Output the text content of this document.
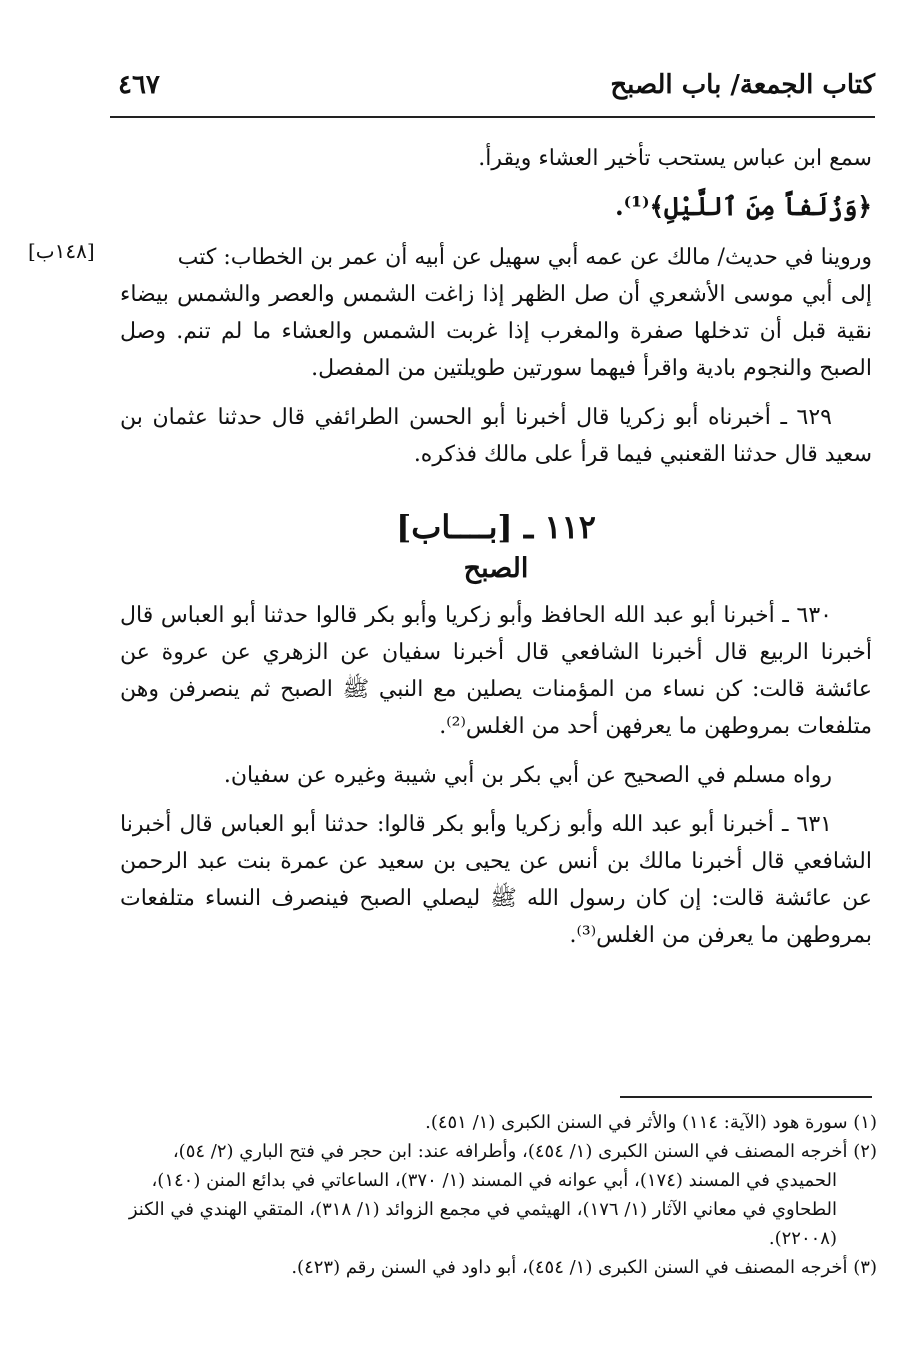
كتاب الجمعة/ باب الصبح
٤٦٧

سمع ابن عباس يستحب تأخير العشاء ويقرأ.

﴿وَزُلَفاً مِنَ ٱللَّيْلِ﴾⁽¹⁾.

وروينا في حديث/ مالك عن عمه أبي سهيل عن أبيه أن عمر بن الخطاب: كتب

[١٤٨ب]

إلى أبي موسى الأشعري أن صل الظهر إذا زاغت الشمس والعصر والشمس بيضاء نقية قبل أن تدخلها صفرة والمغرب إذا غربت الشمس والعشاء ما لم تنم. وصل الصبح والنجوم بادية واقرأ فيهما سورتين طويلتين من المفصل.

٦٢٩ ـ أخبرناه أبو زكريا قال أخبرنا أبو الحسن الطرائفي قال حدثنا عثمان بن سعيد قال حدثنا القعنبي فيما قرأ على مالك فذكره.

١١٢ ـ [بــــاب]
الصبح

٦٣٠ ـ أخبرنا أبو عبد الله الحافظ وأبو زكريا وأبو بكر قالوا حدثنا أبو العباس قال أخبرنا الربيع قال أخبرنا الشافعي قال أخبرنا سفيان عن الزهري عن عروة عن عائشة قالت: كن نساء من المؤمنات يصلين مع النبي ﷺ الصبح ثم ينصرفن وهن متلفعات بمروطهن ما يعرفهن أحد من الغلس⁽²⁾.

رواه مسلم في الصحيح عن أبي بكر بن أبي شيبة وغيره عن سفيان.

٦٣١ ـ أخبرنا أبو عبد الله وأبو زكريا وأبو بكر قالوا: حدثنا أبو العباس قال أخبرنا الشافعي قال أخبرنا مالك بن أنس عن يحيى بن سعيد عن عمرة بنت عبد الرحمن عن عائشة قالت: إن كان رسول الله ﷺ ليصلي الصبح فينصرف النساء متلفعات بمروطهن ما يعرفن من الغلس⁽³⁾.

(١) سورة هود (الآية: ١١٤) والأثر في السنن الكبرى (١/ ٤٥١).

(٢) أخرجه المصنف في السنن الكبرى (١/ ٤٥٤)، وأطرافه عند: ابن حجر في فتح الباري (٢/ ٥٤)،

الحميدي في المسند (١٧٤)، أبي عوانه في المسند (١/ ٣٧٠)، الساعاتي في بدائع المنن (١٤٠)،

الطحاوي في معاني الآثار (١/ ١٧٦)، الهيثمي في مجمع الزوائد (١/ ٣١٨)، المتقي الهندي في الكنز

(٢٢٠٠٨).

(٣) أخرجه المصنف في السنن الكبرى (١/ ٤٥٤)، أبو داود في السنن رقم (٤٢٣).
